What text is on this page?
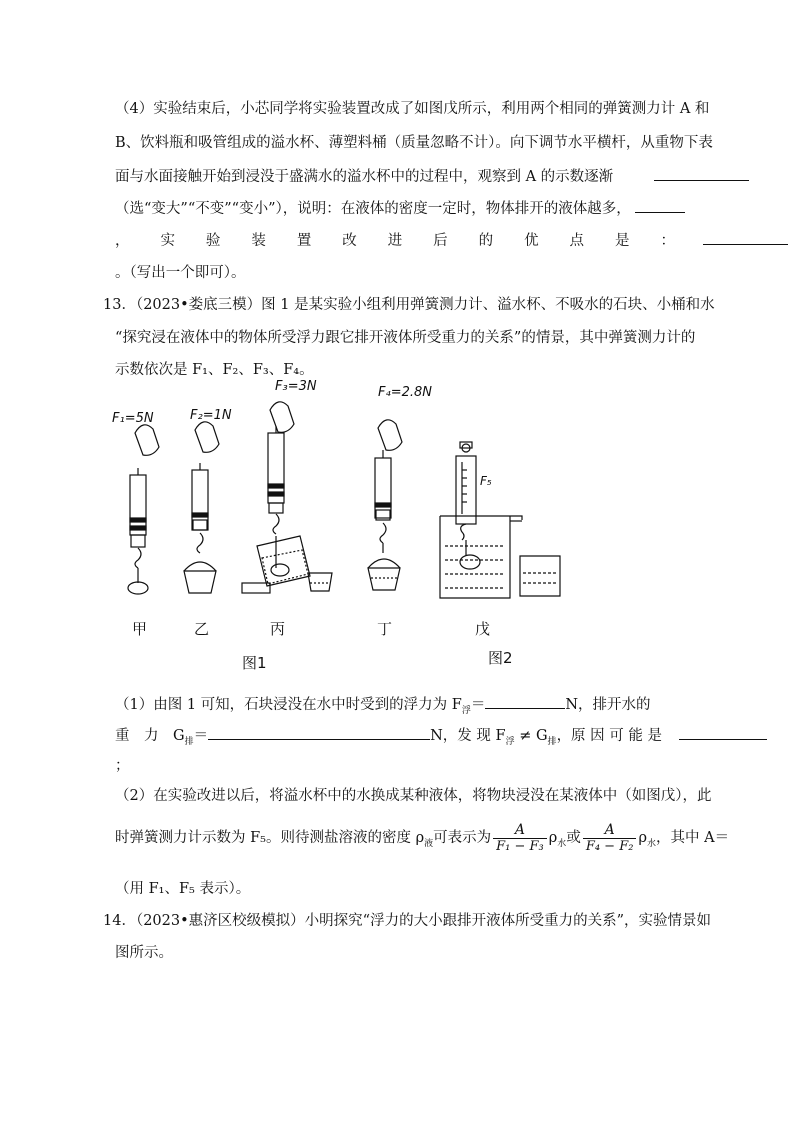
（4）实验结束后，小芯同学将实验装置改成了如图戊所示，利用两个相同的弹簧测力计 A 和
B、饮料瓶和吸管组成的溢水杯、薄塑料桶（质量忽略不计）。向下调节水平横杆，从重物下表
面与水面接触开始到浸没于盛满水的溢水杯中的过程中，观察到 A 的示数逐渐
（选“变大”“不变”“变小”），说明：在液体的密度一定时，物体排开的液体越多，
， 实 验 装 置 改 进 后 的 优 点 是 ：
。（写出一个即可）。
13．（2023•娄底三模）图 1 是某实验小组利用弹簧测力计、溢水杯、不吸水的石块、小桶和水
“探究浸在液体中的物体所受浮力跟它排开液体所受重力的关系”的情景，其中弹簧测力计的
示数依次是 F₁、F₂、F₃、F₄。
F₁=5N	F₂=1N
F₃=3N	F₄=2.8N
F₅
甲	乙	丙	丁	戊
图1	图2
（1）由图 1 可知，石块浸没在水中时受到的浮力为 $F_浮=$	N，排开水的
重　力　$G_排=$	N，发 现 $F_浮 \ne G_排$，原 因 可 能 是
；
（2）在实验改进以后，将溢水杯中的水换成某种液体，将物块浸没在某液体中（如图戊），此
时弹簧测力计示数为 F₅。则待测盐溶液的密度 $\rho_液$可表示为 $\frac{A}{\text{F₁ − F₃}} \rho_水$或 $\frac{A}{\text{F₄ − F₂}} \rho_水$，其中 A＝
（用 F₁、F₅ 表示）。
14．（2023•惠济区校级模拟）小明探究“浮力的大小跟排开液体所受重力的关系”，实验情景如
图所示。
